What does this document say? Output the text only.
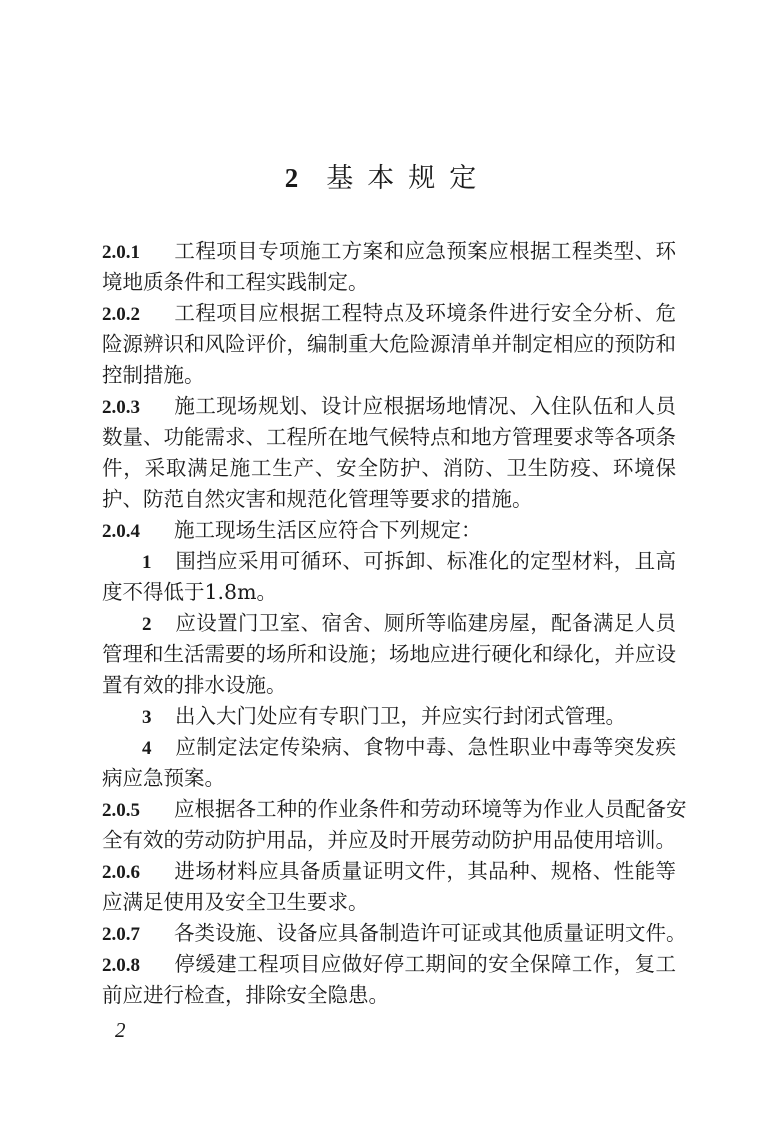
2 基本规定
2.0.1 工程项目专项施工方案和应急预案应根据工程类型、环
境地质条件和工程实践制定。
2.0.2 工程项目应根据工程特点及环境条件进行安全分析、危
险源辨识和风险评价，编制重大危险源清单并制定相应的预防和
控制措施。
2.0.3 施工现场规划、设计应根据场地情况、入住队伍和人员
数量、功能需求、工程所在地气候特点和地方管理要求等各项条
件，采取满足施工生产、安全防护、消防、卫生防疫、环境保
护、防范自然灾害和规范化管理等要求的措施。
2.0.4 施工现场生活区应符合下列规定：
1 围挡应采用可循环、可拆卸、标准化的定型材料，且高
度不得低于1.8m。
2 应设置门卫室、宿舍、厕所等临建房屋，配备满足人员
管理和生活需要的场所和设施；场地应进行硬化和绿化，并应设
置有效的排水设施。
3 出入大门处应有专职门卫，并应实行封闭式管理。
4 应制定法定传染病、食物中毒、急性职业中毒等突发疾
病应急预案。
2.0.5 应根据各工种的作业条件和劳动环境等为作业人员配备安
全有效的劳动防护用品，并应及时开展劳动防护用品使用培训。
2.0.6 进场材料应具备质量证明文件，其品种、规格、性能等
应满足使用及安全卫生要求。
2.0.7 各类设施、设备应具备制造许可证或其他质量证明文件。
2.0.8 停缓建工程项目应做好停工期间的安全保障工作，复工
前应进行检查，排除安全隐患。
2
